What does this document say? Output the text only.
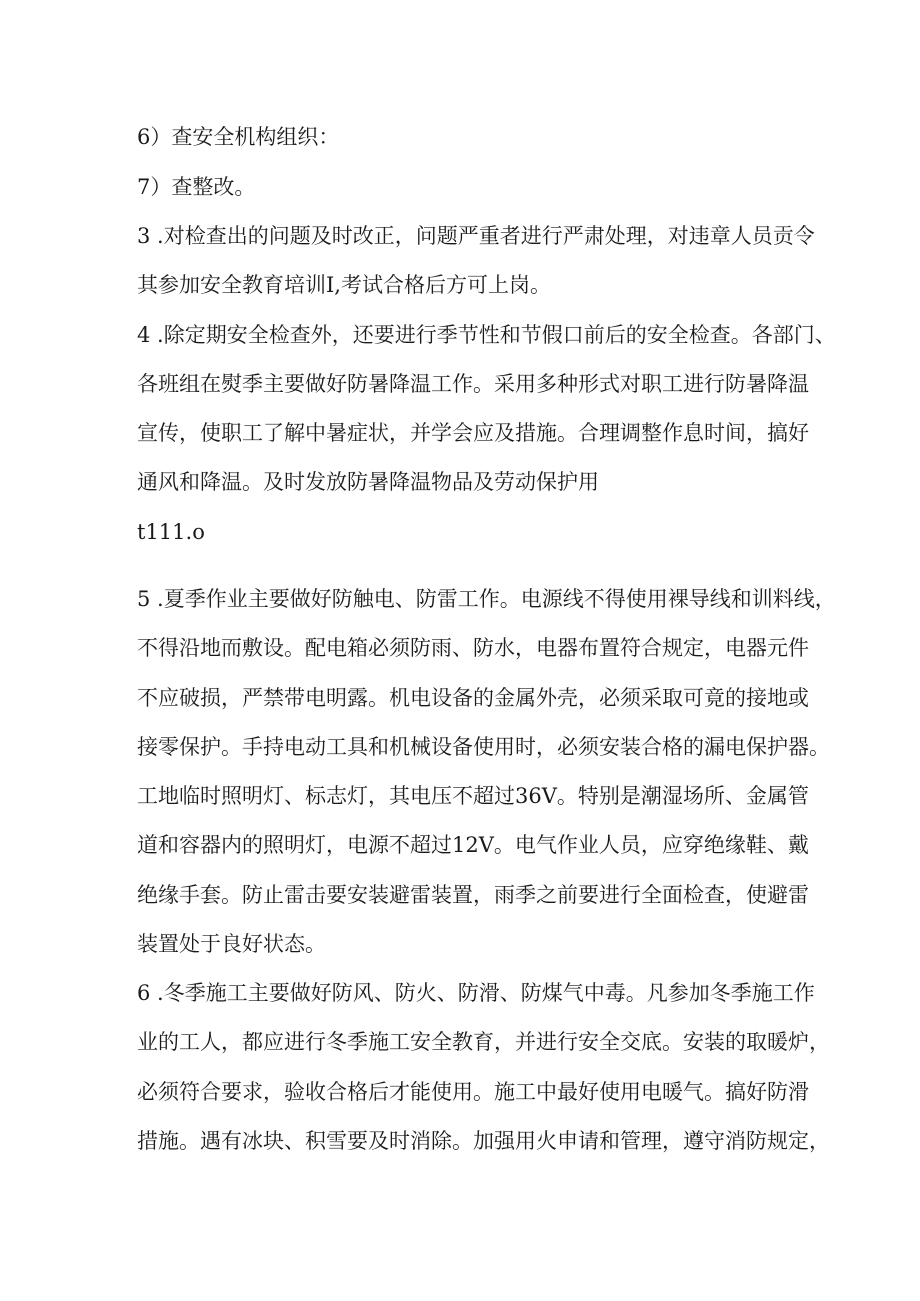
6）查安全机构组织：

7）查整改。

3 .对检查出的问题及时改正，问题严重者进行严肃处理，对违章人员贡令

其参加安全教育培训I,考试合格后方可上岗。

4 .除定期安全检查外，还要进行季节性和节假口前后的安全检查。各部门、

各班组在熨季主要做好防暑降温工作。采用多种形式对职工进行防暑降温

宣传，使职工了解中暑症状，并学会应及措施。合理调整作息时间，搞好

通风和降温。及时发放防暑降温物品及劳动保护用

t111.o

5 .夏季作业主要做好防触电、防雷工作。电源线不得使用裸导线和训料线，

不得沿地而敷设。配电箱必须防雨、防水，电器布置符合规定，电器元件

不应破损，严禁带电明露。机电设备的金属外壳，必须采取可竟的接地或

接零保护。手持电动工具和机械设备使用时，必须安装合格的漏电保护器。

工地临时照明灯、标志灯，其电压不超过36V。特别是潮湿场所、金属管

道和容器内的照明灯，电源不超过12V。电气作业人员，应穿绝缘鞋、戴

绝缘手套。防止雷击要安装避雷装置，雨季之前要进行全面检查，使避雷

装置处于良好状态。

6 .冬季施工主要做好防风、防火、防滑、防煤气中毒。凡参加冬季施工作

业的工人，都应进行冬季施工安全教育，并进行安全交底。安装的取暖炉，

必须符合要求，验收合格后才能使用。施工中最好使用电暖气。搞好防滑

措施。遇有冰块、积雪要及时消除。加强用火申请和管理，遵守消防规定，
